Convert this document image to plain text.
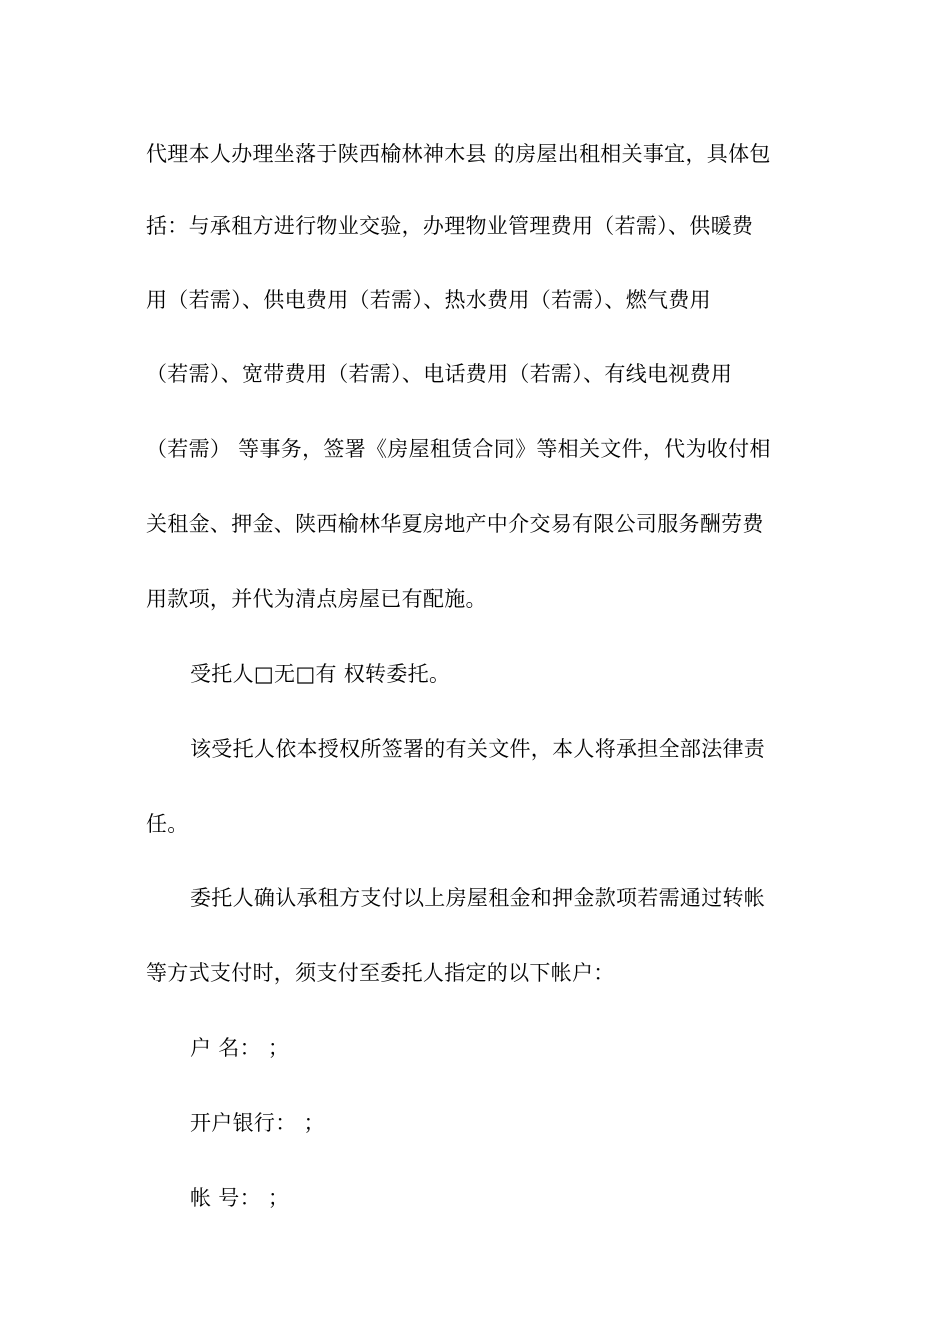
代理本人办理坐落于陕西榆林神木县 的房屋出租相关事宜，具体包
括：与承租方进行物业交验，办理物业管理费用（若需）、供暖费
用（若需）、供电费用（若需）、热水费用（若需）、燃气费用
（若需）、宽带费用（若需）、电话费用（若需）、有线电视费用
（若需） 等事务，签署《房屋租赁合同》等相关文件，代为收付相
关租金、押金、陕西榆林华夏房地产中介交易有限公司服务酬劳费
用款项，并代为清点房屋已有配施。
受托人□无□有 权转委托。
该受托人依本授权所签署的有关文件，本人将承担全部法律责
任。
委托人确认承租方支付以上房屋租金和押金款项若需通过转帐
等方式支付时，须支付至委托人指定的以下帐户：
户 名： ；
开户银行： ；
帐 号： ；
